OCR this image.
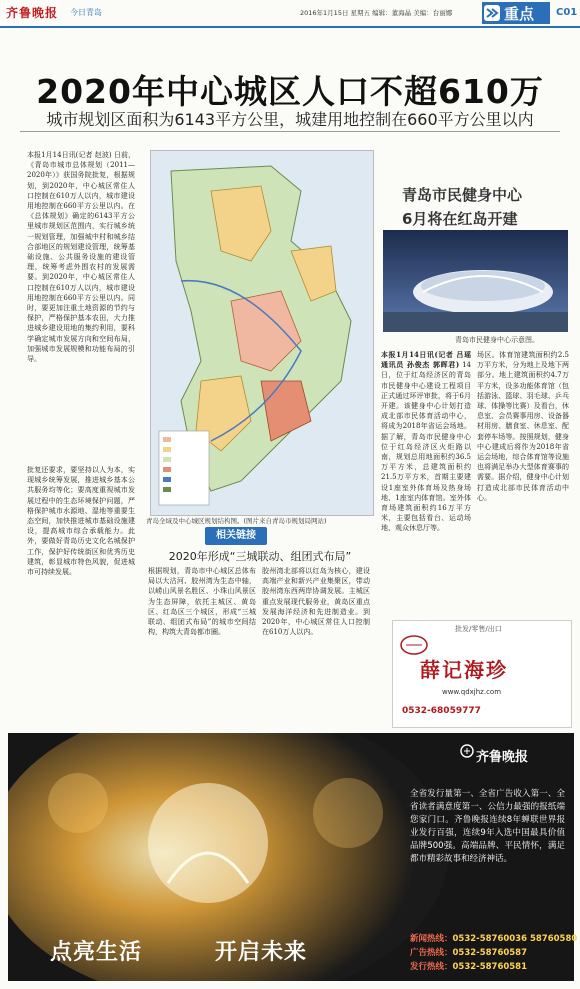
齐鲁晚报 今日青岛	2016年1月15日 星期五 编辑：董海晶 美编：台丽娜	重点 C01
2020年中心城区人口不超610万
城市规划区面积为6143平方公里，城建用地控制在660平方公里以内
本报1月14日讯(记者 赵波) 日前，《青岛市城市总体规划（2011—2020年）》获国务院批复，根据规划，到2020年，中心城区常住人口控制在610万人以内，城市建设用地控制在660平方公里以内。在《总体规划》确定的6143平方公里城市规划区范围内，实行城乡统一规划管理，加强城中村和城乡结合部地区的规划建设管理，统筹基础设施、公共服务设施的建设管理，统筹考虑外围农村的发展需要。到2020年，中心城区常住人口控制在610万人以内，城市建设用地控制在660平方公里以内。同时，要更加注重土地资源的节约与保护，严格保护基本农田，大力推进城乡建设用地的集约利用，要科学确定城市发展方向和空间布局，加强城市发展规模和功能布局的引导。
批复还要求，要坚持以人为本，实现城乡统筹发展，推进城乡基本公共服务均等化；要高度重视城市发展过程中的生态环境保护问题，严格保护城市水源地、湿地等重要生态空间，加快推进城市基础设施建设，提高城市综合承载能力。此外，要做好青岛历史文化名城保护工作，保护好传统街区和优秀历史建筑，彰显城市特色风貌，促进城市可持续发展。
青岛全域及中心城区规划结构图。(图片来自青岛市规划局网站)
青岛市民健身中心
6月将在红岛开建
青岛市民健身中心示意图。
本报1月14日讯(记者 吕瑶 通讯员 孙俊杰 郭晖君) 14日，位于红岛经济区的青岛市民健身中心建设工程项目正式通过环评审批，将于6月开建。该健身中心计划打造成北部市民体育活动中心，将成为2018年省运会场地。据了解，青岛市民健身中心位于红岛经济区火炬路以南，规划总用地面积约36.5万平方米，总建筑面积约21.5万平方米，首期主要建设1座室外体育场及热身场地、1座室内体育馆。室外体育场建筑面积约16万平方米，主要包括看台、运动场地、观众休息厅等。
场区。体育馆建筑面积约2.5万平方米，分为地上及地下两部分。地上建筑面积约4.7万平方米，设多功能体育馆（包括游泳、篮球、羽毛球、乒乓球、体操等比赛）及看台，休息室、会员赛事用房、设备器材用房、膳食室、休息室、配套停车场等。按照规划，健身中心建成后将作为2018年省运会场地，综合体育馆等设施也将满足举办大型体育赛事的需要。据介绍，健身中心计划打造成北部市民体育活动中心。
相关链接
2020年形成“三城联动、组团式布局”
根据规划，青岛市中心城区总体布局以大沽河、胶州湾为生态中轴，以崂山风景名胜区、小珠山风景区为生态屏障，依托主城区、黄岛区、红岛区三个城区，形成“三城联动、组团式布局”的城市空间结构，构筑大青岛都市圈。
胶州湾北部将以红岛为核心，建设高端产业和新兴产业集聚区，带动胶州湾东西两岸协调发展。主城区重点发展现代服务业，黄岛区重点发展海洋经济和先进制造业。到2020年，中心城区常住人口控制在610万人以内。	批发/零售/出口
薛记海珍
www.qdxjhz.com
0532-68059777
齐鲁晚报
全省发行量第一、全省广告收入第一、全省读者满意度第一、公信力最强的报纸端您家门口。齐鲁晚报连续8年蝉联世界报业发行百强，连续9年入选中国最具价值品牌500强。高端品牌、平民情怀，满足都市精彩故事和经济神话。
新闻热线：0532-58760036 58760580
广告热线：0532-58760587
发行热线：0532-58760581
点亮生活	开启未来
